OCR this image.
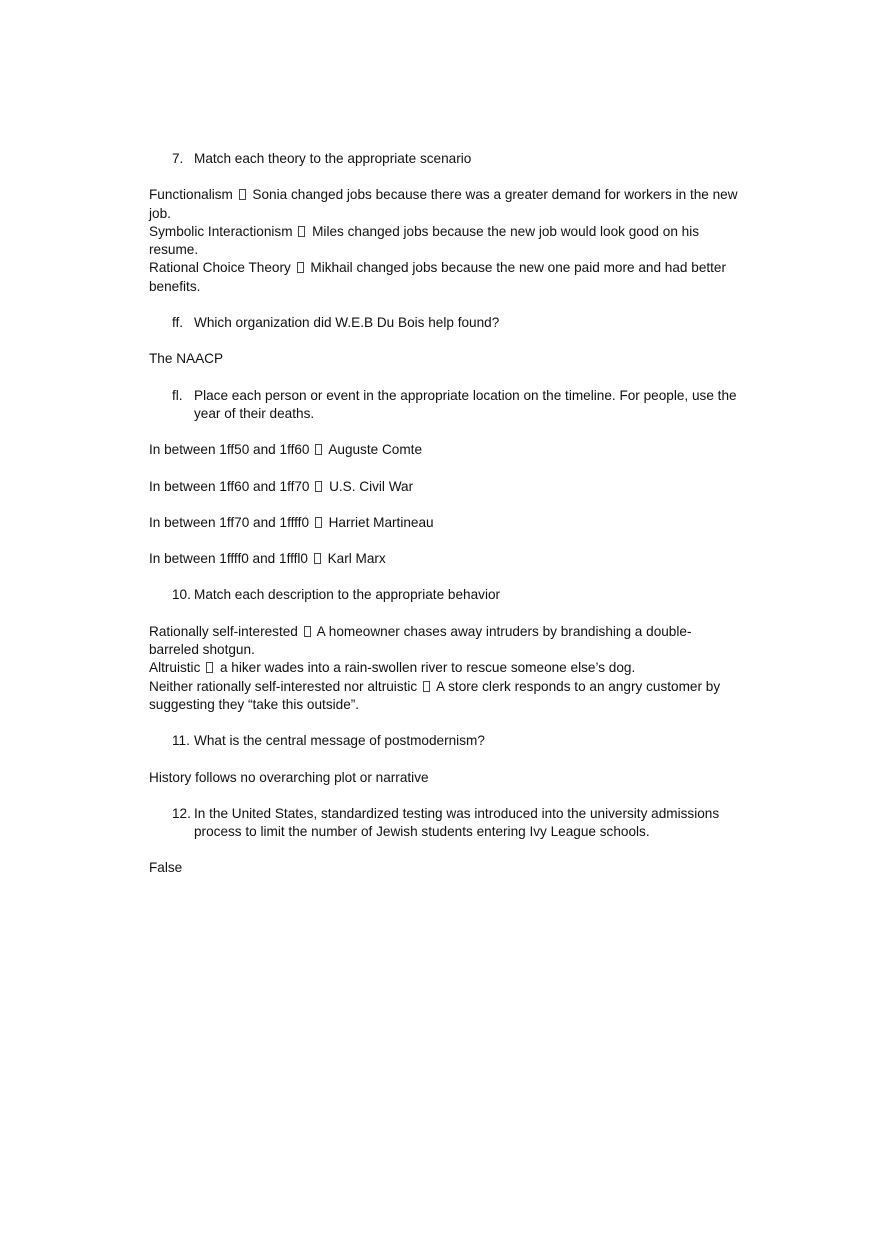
7. Match each theory to the appropriate scenario

Functionalism Sonia changed jobs because there was a greater demand for workers in the new job.

Symbolic Interactionism Miles changed jobs because the new job would look good on his resume.

Rational Choice Theory Mikhail changed jobs because the new one paid more and had better benefits.

ff. Which organization did W.E.B Du Bois help found?
The NAACP
fl. Place each person or event in the appropriate location on the timeline. For people, use the year of their deaths.
In between 1ff50 and 1ff60 Auguste Comte
In between 1ff60 and 1ff70 U.S. Civil War
In between 1ff70 and 1ffff0 Harriet Martineau
In between 1ffff0 and 1fffl0 Karl Marx
10. Match each description to the appropriate behavior

Rationally self-interested A homeowner chases away intruders by brandishing a double-barreled shotgun.

Altruistic a hiker wades into a rain-swollen river to rescue someone else’s dog.

Neither rationally self-interested nor altruistic A store clerk responds to an angry customer by suggesting they “take this outside”.

11. What is the central message of postmodernism?
History follows no overarching plot or narrative
12. In the United States, standardized testing was introduced into the university admissions process to limit the number of Jewish students entering Ivy League schools.
False
